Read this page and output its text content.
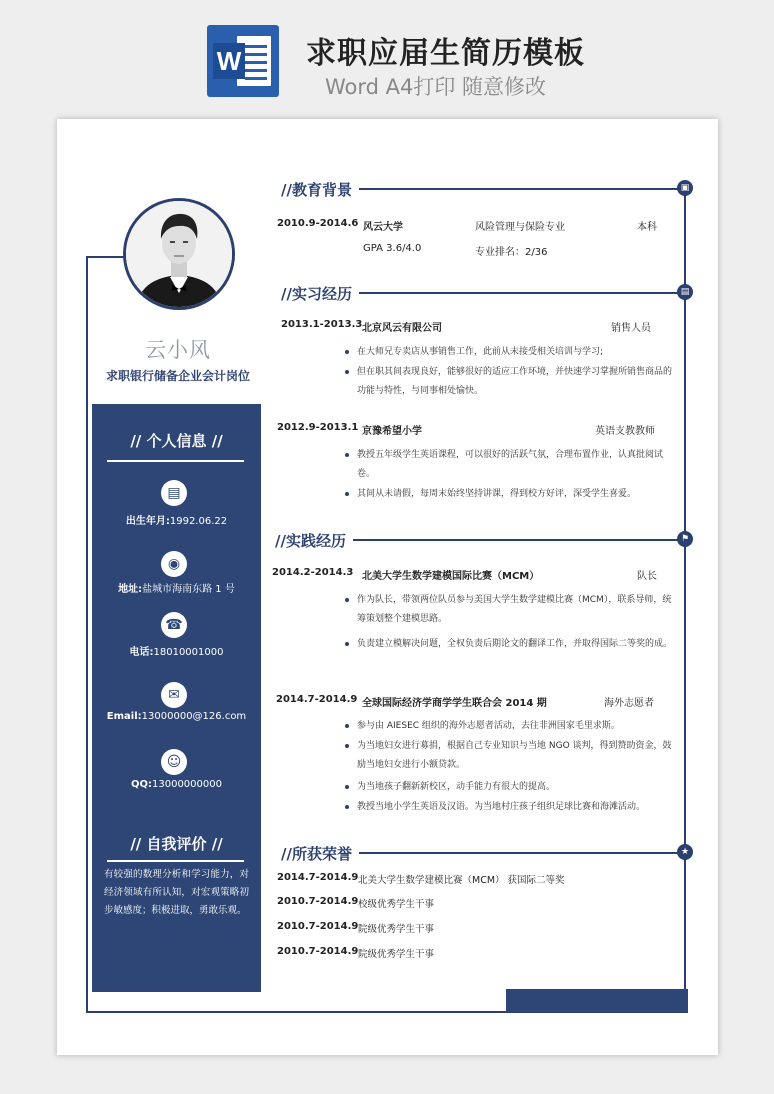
W 求职应届生简历模板
Word A4打印 随意修改
云小风
求职银行储备企业会计岗位
// 个人信息 //
▤
出生年月:1992.06.22
◉
地址:盐城市海南东路 1 号
☎
电话:18010001000
✉
Email:13000000@126.com
☺
QQ:13000000000
// 自我评价 //
有较强的数理分析和学习能力，对经济领域有所认知，对宏观策略初步敏感度；积极进取，勇敢乐观。
//教育背景	▣
2010.9-2014.6 风云大学	风险管理与保险专业	本科
GPA 3.6/4.0	专业排名：2/36
//实习经历	▤
2013.1-2013.3 北京风云有限公司	销售人员
在大师兄专卖店从事销售工作，此前从未接受相关培训与学习;
但在职其间表现良好，能够很好的适应工作环境，并快速学习掌握所销售商品的功能与特性，与同事相处愉快。
2012.9-2013.1 京豫希望小学	英语支教教师
教授五年级学生英语课程，可以很好的活跃气氛，合理布置作业，认真批阅试卷。
其间从未请假，每周末始终坚持讲课，得到校方好评，深受学生喜爱。
//实践经历	⚑
2014.2-2014.3 北美大学生数学建模国际比赛（MCM）	队长
作为队长，带领两位队员参与美国大学生数学建模比赛（MCM），联系导师，统筹策划整个建模思路。
负责建立模解决问题，全权负责后期论文的翻译工作，并取得国际二等奖的成。
2014.7-2014.9 全球国际经济学商学学生联合会 2014 期	海外志愿者
参与由 AIESEC 组织的海外志愿者活动，去往非洲国家毛里求斯。
为当地妇女进行募捐，根据自己专业知识与当地 NGO 谈判，得到赞助资金，鼓励当地妇女进行小额贷款。
为当地孩子翻新新校区，动手能力有很大的提高。
教授当地小学生英语及汉语。为当地村庄孩子组织足球比赛和海滩活动。
//所获荣誉	★
2014.7-2014.9 北美大学生数学建模比赛（MCM） 获国际二等奖
2010.7-2014.9 校级优秀学生干事
2010.7-2014.9 院级优秀学生干事
2010.7-2014.9 院级优秀学生干事
